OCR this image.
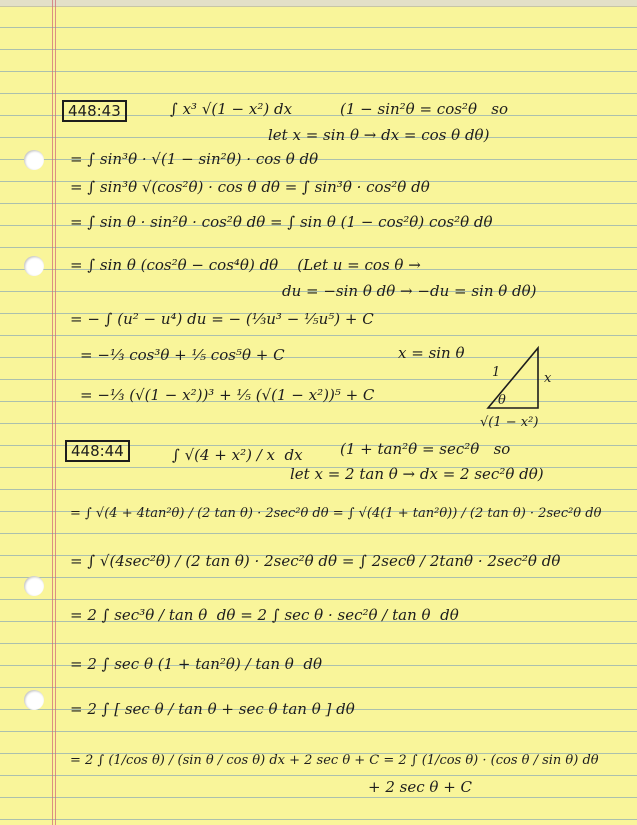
448:43	∫ x³ √(1 − x²) dx	(1 − sin²θ = cos²θ   so
let x = sin θ → dx = cos θ dθ)
= ∫ sin³θ · √(1 − sin²θ) · cos θ dθ
= ∫ sin³θ √(cos²θ) · cos θ dθ = ∫ sin³θ · cos²θ dθ
= ∫ sin θ · sin²θ · cos²θ dθ = ∫ sin θ (1 − cos²θ) cos²θ dθ
= ∫ sin θ (cos²θ − cos⁴θ) dθ    (Let u = cos θ →
du = −sin θ dθ → −du = sin θ dθ)
= − ∫ (u² − u⁴) du = − (⅓u³ − ⅕u⁵) + C
= −⅓ cos³θ + ⅕ cos⁵θ + C
= −⅓ (√(1 − x²))³ + ⅕ (√(1 − x²))⁵ + C
x = sin θ
1	x
√(1 − x²)
θ
448:44	∫ √(4 + x²) / x  dx (1 + tan²θ = sec²θ   so
let x = 2 tan θ → dx = 2 sec²θ dθ)
= ∫ √(4 + 4tan²θ) / (2 tan θ) · 2sec²θ dθ = ∫ √(4(1 + tan²θ)) / (2 tan θ) · 2sec²θ dθ
= ∫ √(4sec²θ) / (2 tan θ) · 2sec²θ dθ = ∫ 2secθ / 2tanθ · 2sec²θ dθ
= 2 ∫ sec³θ / tan θ  dθ = 2 ∫ sec θ · sec²θ / tan θ  dθ
= 2 ∫ sec θ (1 + tan²θ) / tan θ  dθ
= 2 ∫ [ sec θ / tan θ + sec θ tan θ ] dθ
= 2 ∫ (1/cos θ) / (sin θ / cos θ) dx + 2 sec θ + C = 2 ∫ (1/cos θ) · (cos θ / sin θ) dθ
+ 2 sec θ + C
